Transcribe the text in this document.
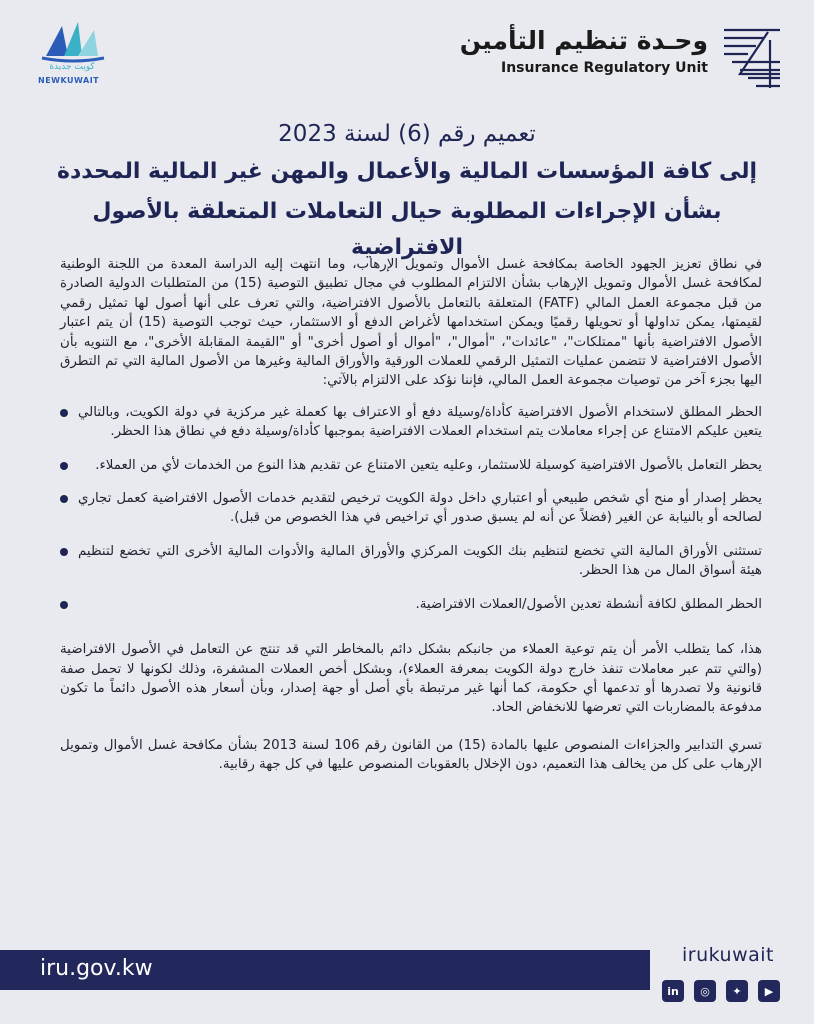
كويت جديدة
NEWKUWAIT
وحـدة تنظيم التأمين
Insurance Regulatory Unit
تعميم رقم (6) لسنة 2023
إلى كافة المؤسسات المالية والأعمال والمهن غير المالية المحددة
بشأن الإجراءات المطلوبة حيال التعاملات المتعلقة بالأصول الافتراضية

في نطاق تعزيز الجهود الخاصة بمكافحة غسل الأموال وتمويل الإرهاب، وما انتهت إليه الدراسة المعدة من اللجنة الوطنية لمكافحة غسل الأموال وتمويل الإرهاب بشأن الالتزام المطلوب في مجال تطبيق التوصية (15) من المتطلبات الدولية الصادرة من قبل مجموعة العمل المالي (FATF) المتعلقة بالتعامل بالأصول الافتراضية، والتي تعرف على أنها أصول لها تمثيل رقمي لقيمتها، يمكن تداولها أو تحويلها رقميًا ويمكن استخدامها لأغراض الدفع أو الاستثمار، حيث توجب التوصية (15) أن يتم اعتبار الأصول الافتراضية بأنها "ممتلكات"، "عائدات"، "أموال"، "أموال أو أصول أخرى" أو "القيمة المقابلة الأخرى"، مع التنويه بأن الأصول الافتراضية لا تتضمن عمليات التمثيل الرقمي للعملات الورقية والأوراق المالية وغيرها من الأصول المالية التي تم التطرق اليها بجزء آخر من توصيات مجموعة العمل المالي، فإننا نؤكد على الالتزام بالآتي:

الحظر المطلق لاستخدام الأصول الافتراضية كأداة/وسيلة دفع أو الاعتراف بها كعملة غير مركزية في دولة الكويت، وبالتالي يتعين عليكم الامتناع عن إجراء معاملات يتم استخدام العملات الافتراضية بموجبها كأداة/وسيلة دفع في نطاق هذا الحظر.
يحظر التعامل بالأصول الافتراضية كوسيلة للاستثمار، وعليه يتعين الامتناع عن تقديم هذا النوع من الخدمات لأي من العملاء.
يحظر إصدار أو منح أي شخص طبيعي أو اعتباري داخل دولة الكويت ترخيص لتقديم خدمات الأصول الافتراضية كعمل تجاري لصالحه أو بالنيابة عن الغير (فضلاً عن أنه لم يسبق صدور أي تراخيص في هذا الخصوص من قبل).
تستثنى الأوراق المالية التي تخضع لتنظيم بنك الكويت المركزي والأوراق المالية والأدوات المالية الأخرى التي تخضع لتنظيم هيئة أسواق المال من هذا الحظر.
الحظر المطلق لكافة أنشطة تعدين الأصول/العملات الافتراضية.

هذا، كما يتطلب الأمر أن يتم توعية العملاء من جانبكم بشكل دائم بالمخاطر التي قد تنتج عن التعامل في الأصول الافتراضية (والتي تتم عبر معاملات تنفذ خارج دولة الكويت بمعرفة العملاء)، وبشكل أخص العملات المشفرة، وذلك لكونها لا تحمل صفة قانونية ولا تصدرها أو تدعمها أي حكومة، كما أنها غير مرتبطة بأي أصل أو جهة إصدار، وبأن أسعار هذه الأصول دائماً ما تكون مدفوعة بالمضاربات التي تعرضها للانخفاض الحاد.

تسري التدابير والجزاءات المنصوص عليها بالمادة (15) من القانون رقم 106 لسنة 2013 بشأن مكافحة غسل الأموال وتمويل الإرهاب على كل من يخالف هذا التعميم، دون الإخلال بالعقوبات المنصوص عليها في كل جهة رقابية.

iru.gov.kw
irukuwait
in	◎	✦	▶
